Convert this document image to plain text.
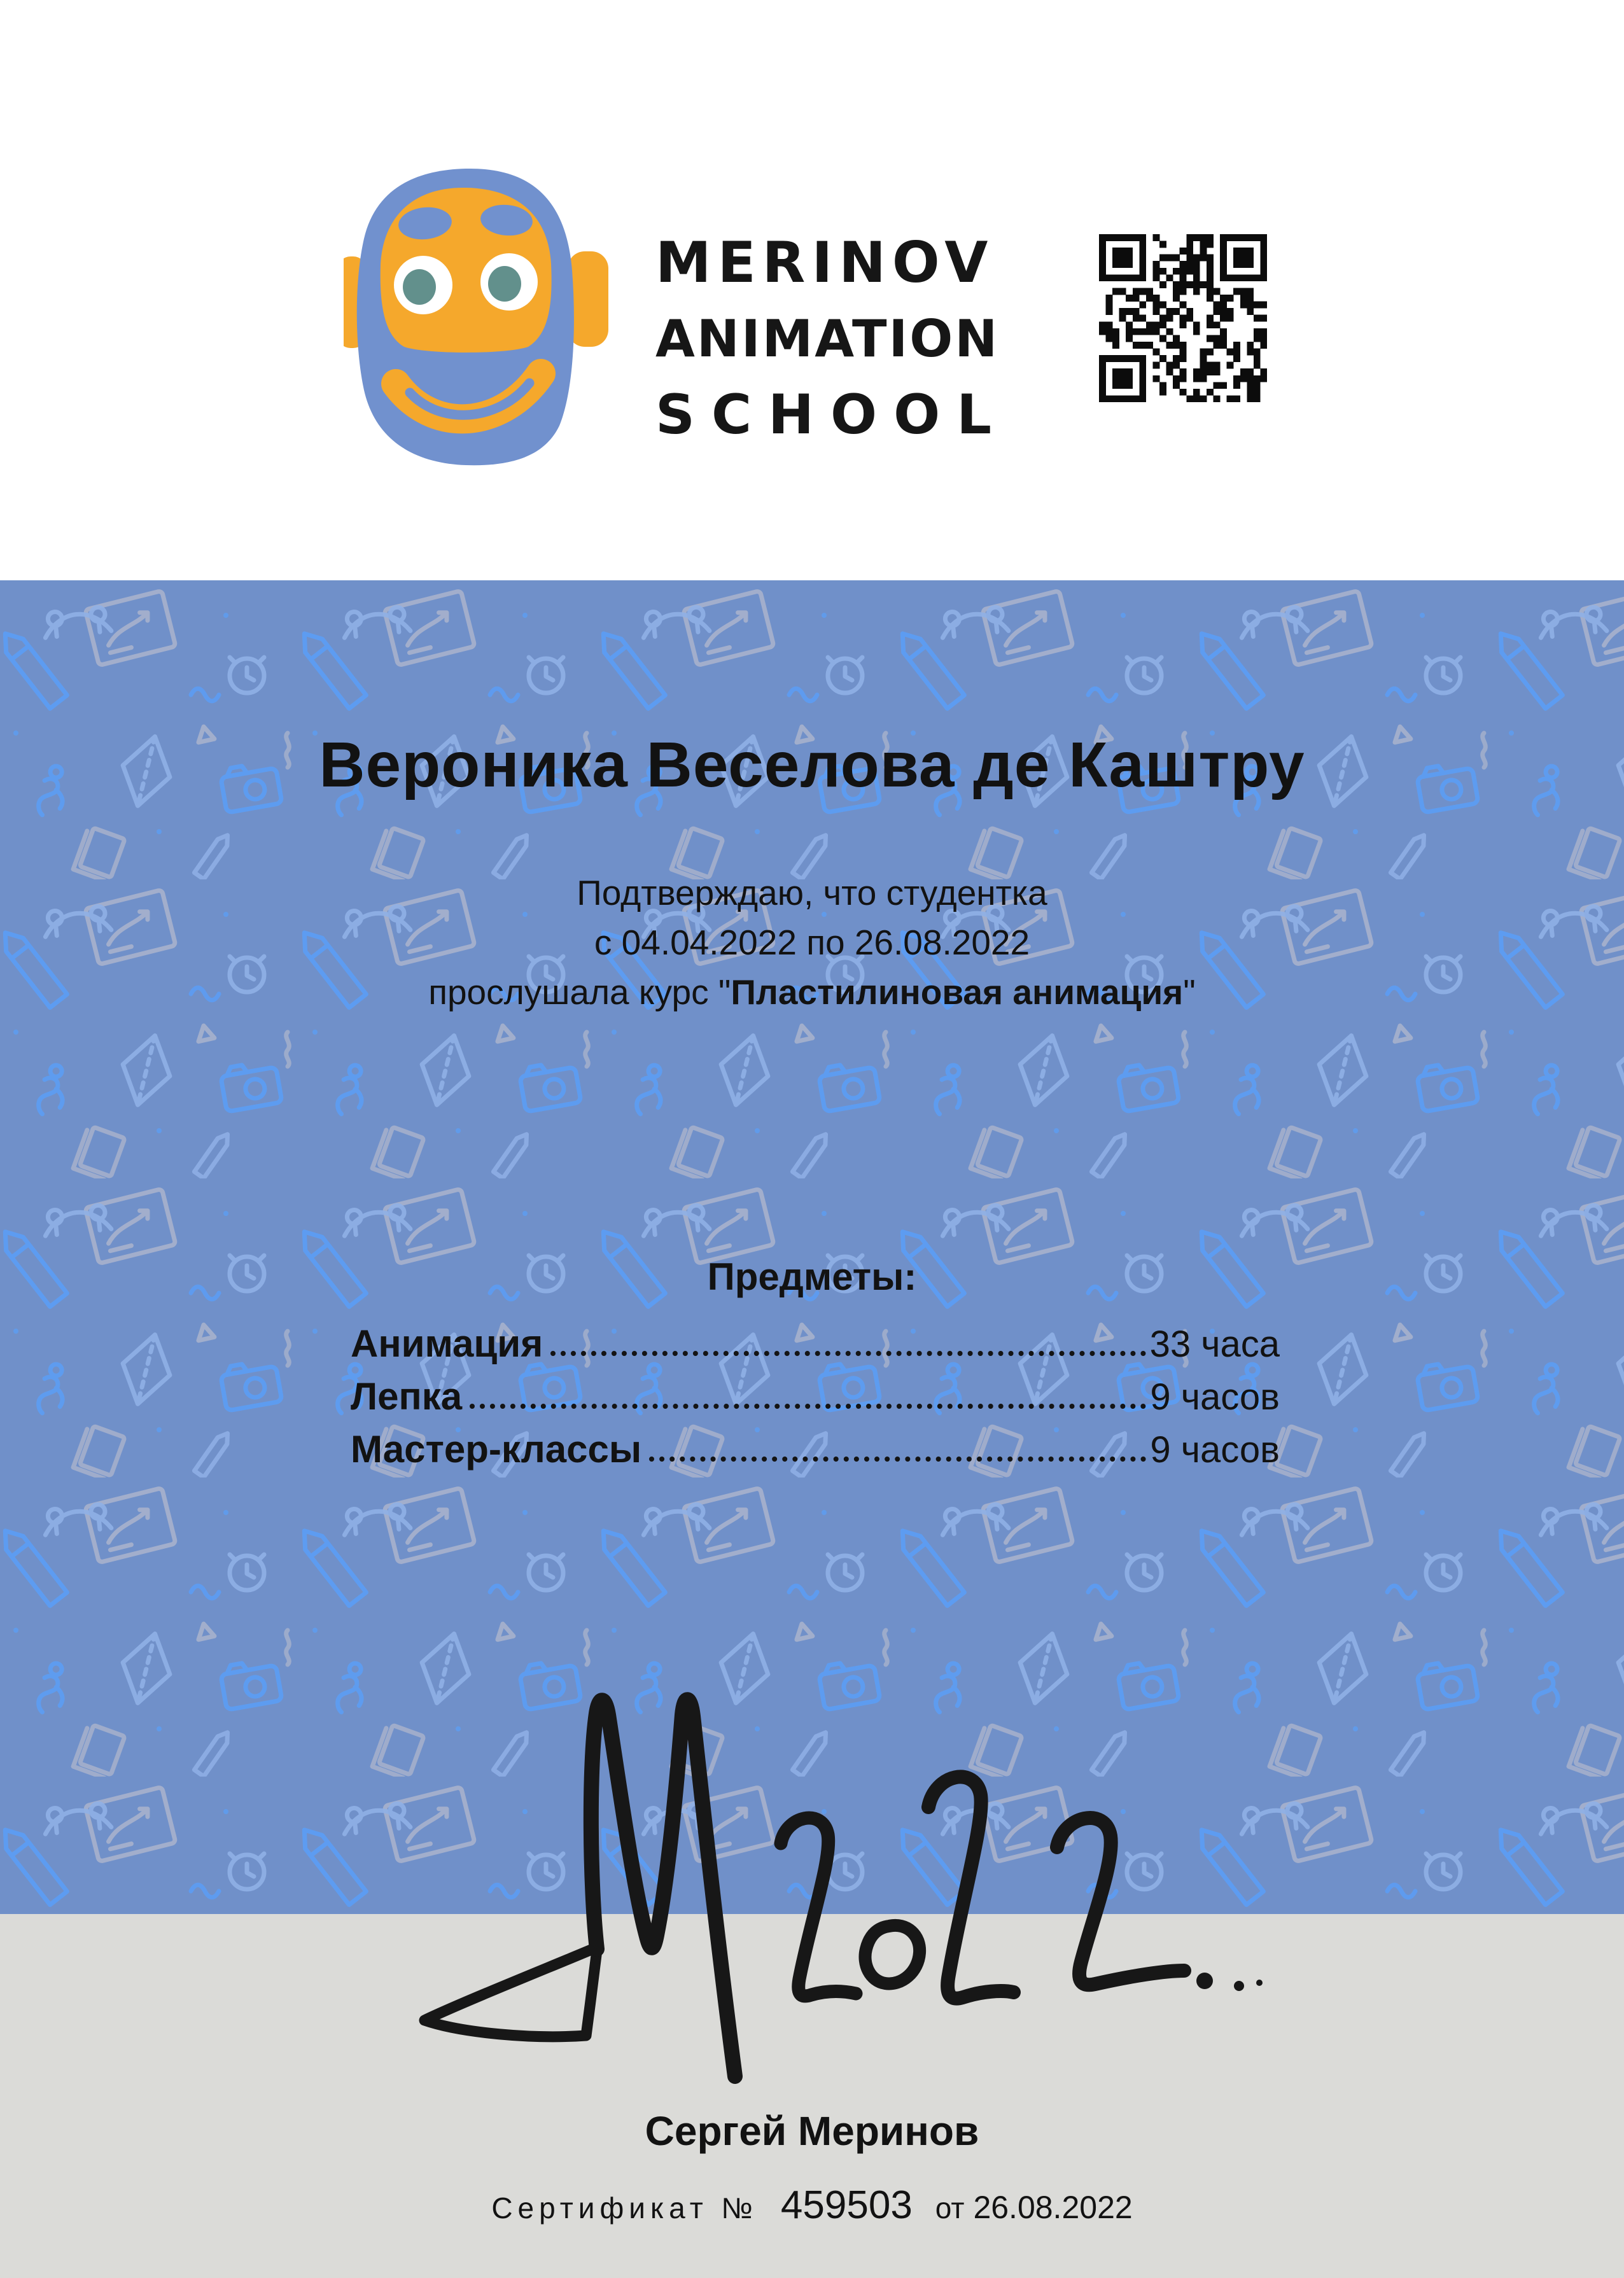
MERINOV
ANIMATION
SCHOOL
Вероника Веселова де Каштру
Подтверждаю, что студентка
с 04.04.2022 по 26.08.2022
прослушала курс "Пластилиновая анимация"
Предметы:
Анимация	33 часа
Лепка	9 часов
Мастер-классы	9 часов
Сергей Меринов
Сертификат № 459503 от 26.08.2022
